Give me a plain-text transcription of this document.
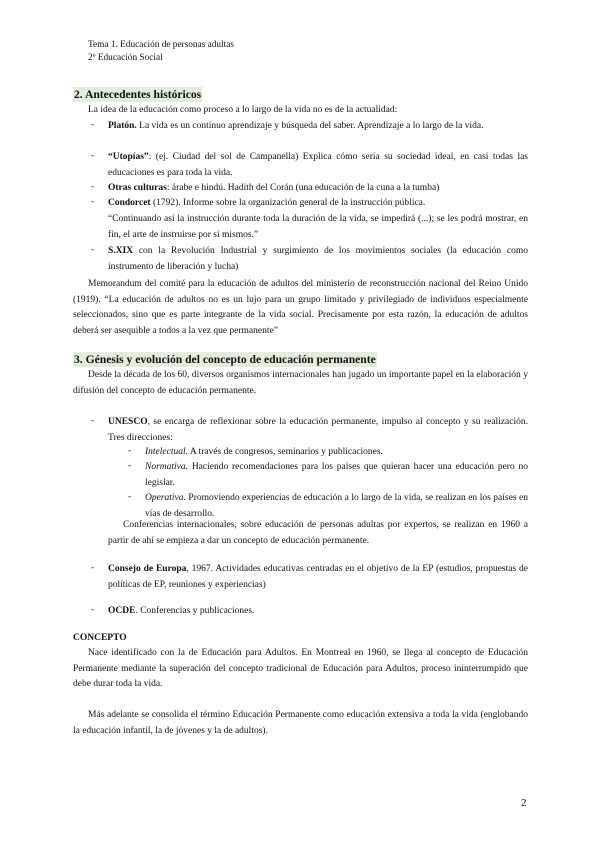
Tema 1. Educación de personas adultas
2º Educación Social
2. Antecedentes históricos
La idea de la educación como proceso a lo largo de la vida no es de la actualidad:
- Platón. La vida es un continuo aprendizaje y búsqueda del saber. Aprendizaje a lo largo de la vida.
- “Utopías”: (ej. Ciudad del sol de Campanella) Explica cómo sería su sociedad ideal, en casi todas las educaciones es para toda la vida.
- Otras culturas: árabe e hindú. Hadith del Corán (una educación de la cuna a la tumba)
- Condorcet (1792). Informe sobre la organización general de la instrucción pública.
“Continuando así la instrucción durante toda la duración de la vida, se impedirá (...); se les podrá mostrar, en fin, el arte de instruirse por sí mismos.”
- S.XIX con la Revolución Industrial y surgimiento de los movimientos sociales (la educación como instrumento de liberación y lucha)
Memorandum del comité para la educación de adultos del ministerio de reconstrucción nacional del Reino Unido (1919). “La educación de adultos no es un lujo para un grupo limitado y privilegiado de individuos especialmente seleccionados, sino que es parte integrante de la vida social. Precisamente por esta razón, la educación de adultos deberá ser asequible a todos a la vez que permanente”
3. Génesis y evolución del concepto de educación permanente
Desde la década de los 60, diversos organismos internacionales han jugado un importante papel en la elaboración y difusión del concepto de educación permanente.
- UNESCO, se encarga de reflexionar sobre la educación permanente, impulso al concepto y su realización. Tres direcciones:
- Intelectual. A través de congresos, seminarios y publicaciones.
- Normativa. Haciendo recomendaciones para los países que quieran hacer una educación pero no legislar.
- Operativa. Promoviendo experiencias de educación a lo largo de la vida, se realizan en los países en vías de desarrollo.
Conferencias internacionales, sobre educación de personas adultas por expertos, se realizan en 1960 a partir de ahí se empieza a dar un concepto de educación permanente.
- Consejo de Europa, 1967. Actividades educativas centradas en el objetivo de la EP (estudios, propuestas de políticas de EP, reuniones y experiencias)
- OCDE. Conferencias y publicaciones.
CONCEPTO
Nace identificado con la de Educación para Adultos. En Montreal en 1960, se llega al concepto de Educación Permanente mediante la superación del concepto tradicional de Educación para Adultos, proceso ininterrumpido que debe durar toda la vida.
Más adelante se consolida el término Educación Permanente como educación extensiva a toda la vida (englobando la educación infantil, la de jóvenes y la de adultos).
2
